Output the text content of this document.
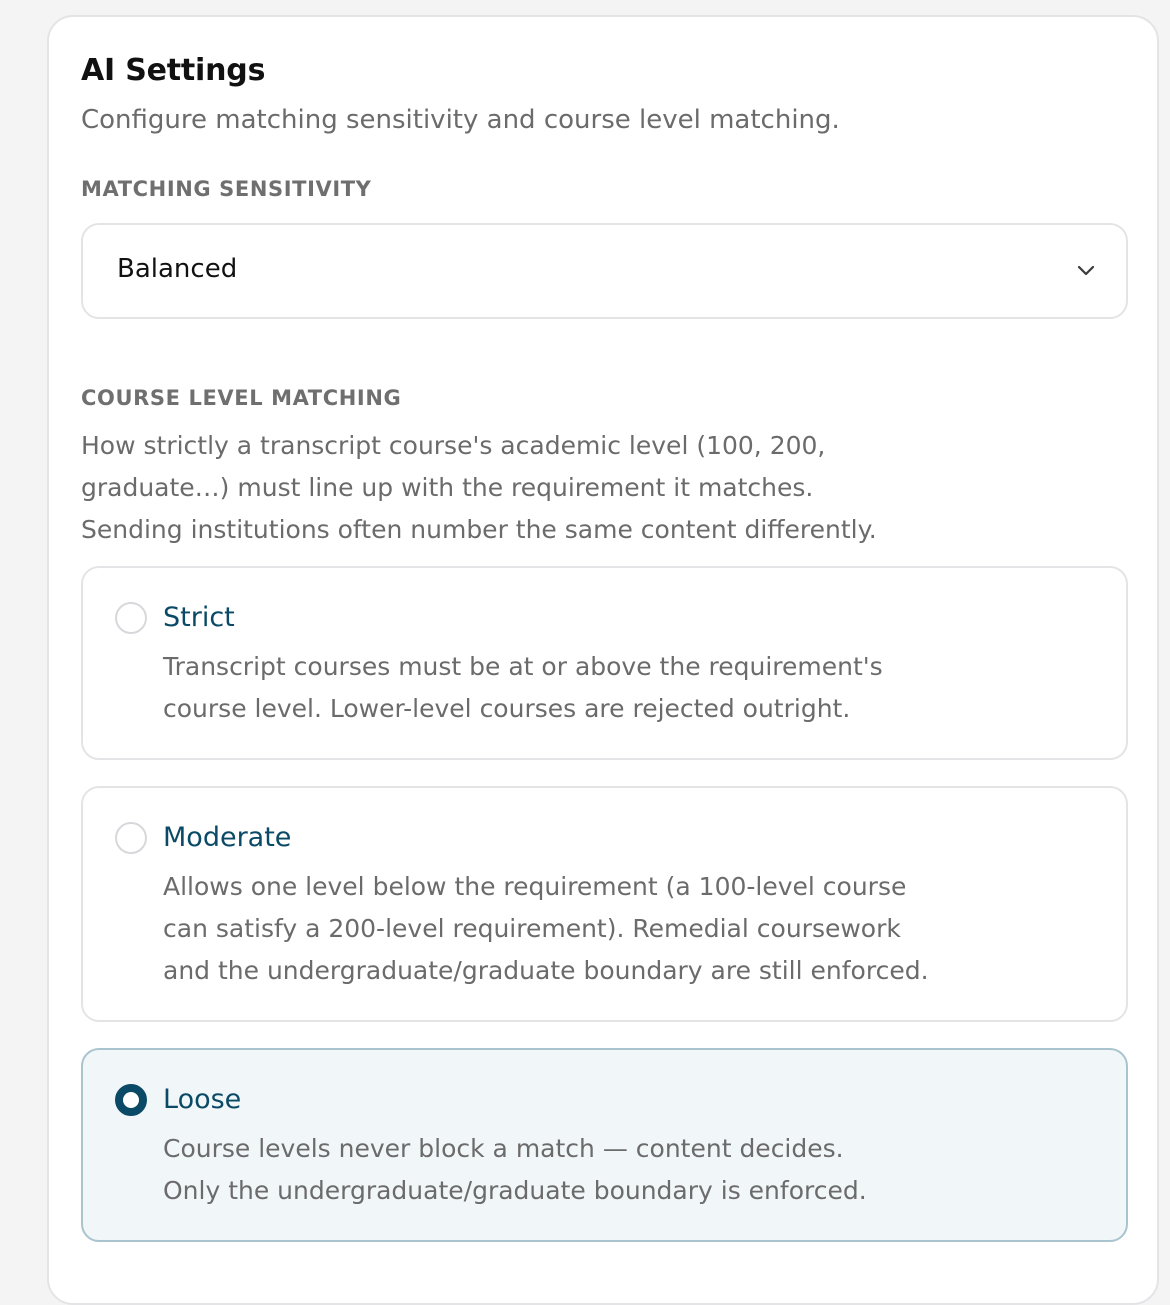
AI Settings

Configure matching sensitivity and course level matching.

MATCHING SENSITIVITY

Balanced

COURSE LEVEL MATCHING

How strictly a transcript course's academic level (100, 200,
graduate…) must line up with the requirement it matches.
Sending institutions often number the same content differently.

Strict
Transcript courses must be at or above the requirement's
course level. Lower-level courses are rejected outright.
Moderate
Allows one level below the requirement (a 100-level course
can satisfy a 200-level requirement). Remedial coursework
and the undergraduate/graduate boundary are still enforced.
Loose
Course levels never block a match — content decides.
Only the undergraduate/graduate boundary is enforced.
